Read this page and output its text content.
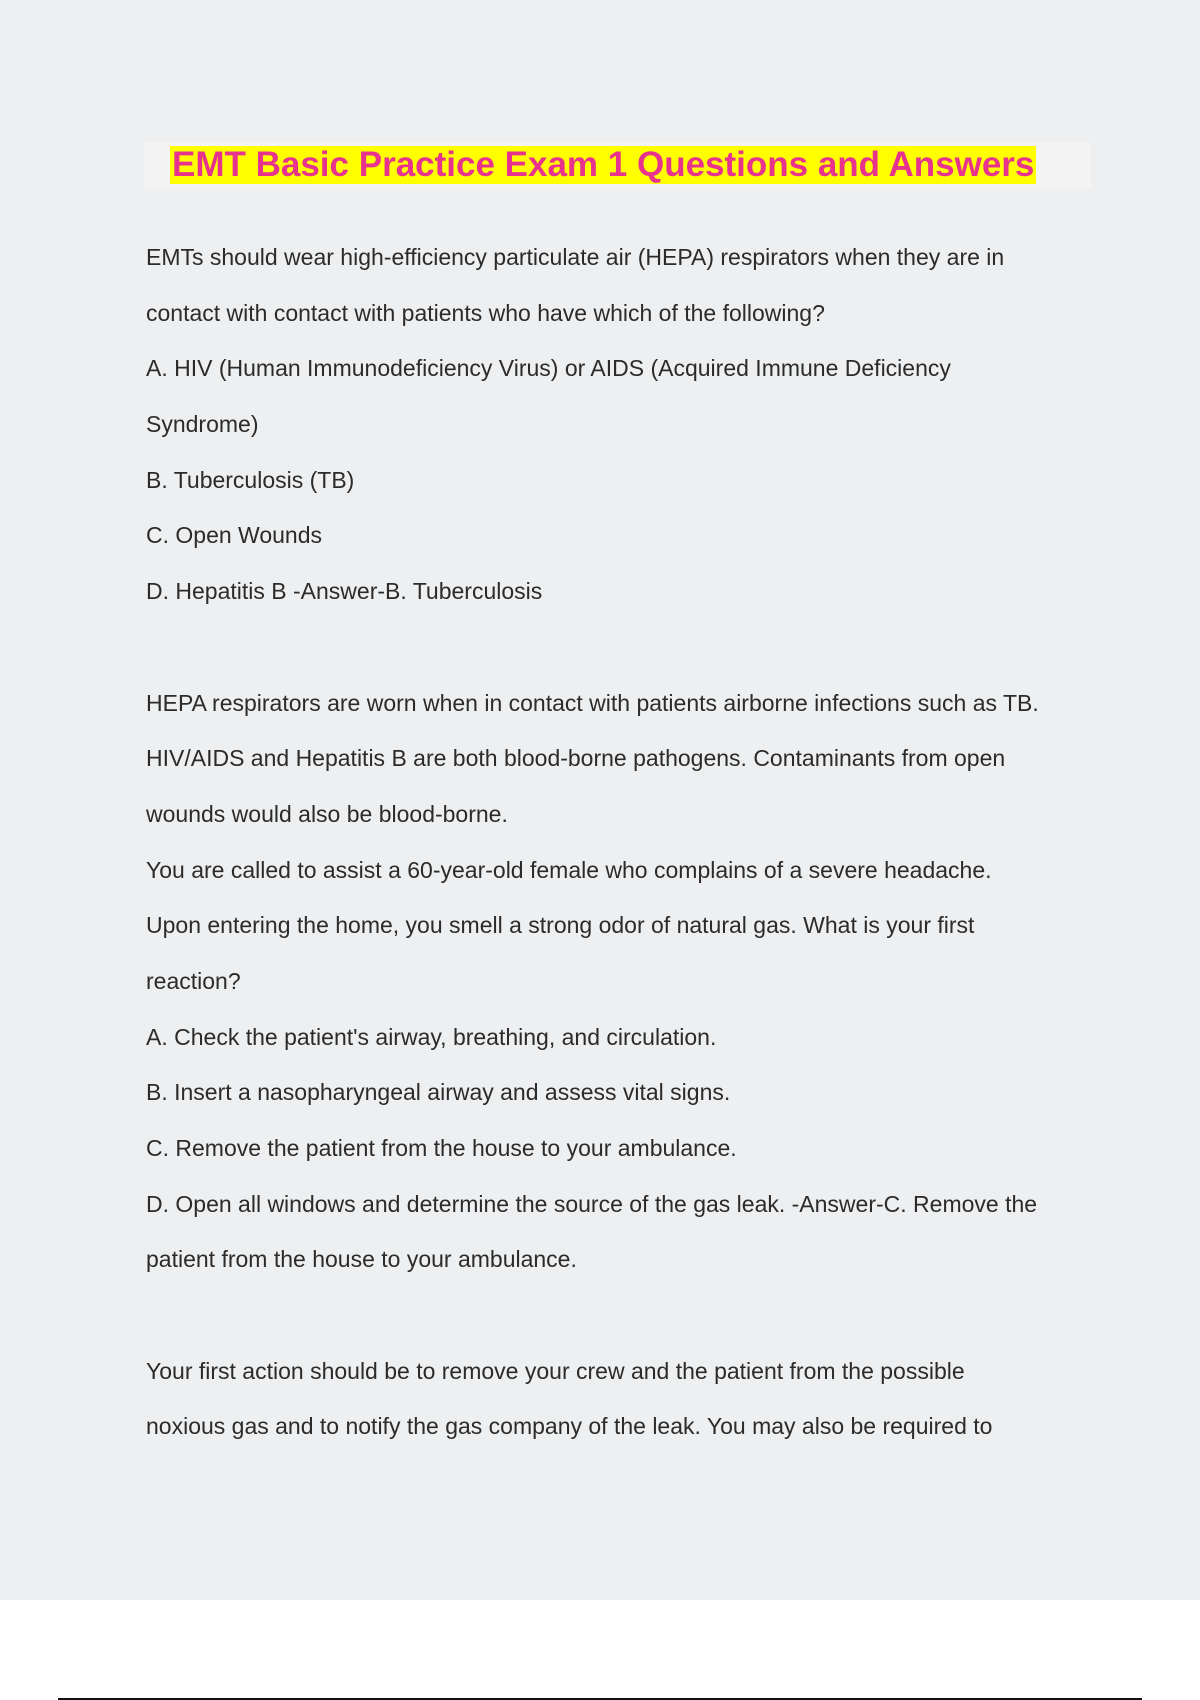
EMT Basic Practice Exam 1 Questions and Answers
EMTs should wear high-efficiency particulate air (HEPA) respirators when they are in
contact with contact with patients who have which of the following?
A. HIV (Human Immunodeficiency Virus) or AIDS (Acquired Immune Deficiency
Syndrome)
B. Tuberculosis (TB)
C. Open Wounds
D. Hepatitis B -Answer-B. Tuberculosis
HEPA respirators are worn when in contact with patients airborne infections such as TB.
HIV/AIDS and Hepatitis B are both blood-borne pathogens. Contaminants from open
wounds would also be blood-borne.
You are called to assist a 60-year-old female who complains of a severe headache.
Upon entering the home, you smell a strong odor of natural gas. What is your first
reaction?
A. Check the patient's airway, breathing, and circulation.
B. Insert a nasopharyngeal airway and assess vital signs.
C. Remove the patient from the house to your ambulance.
D. Open all windows and determine the source of the gas leak. -Answer-C. Remove the
patient from the house to your ambulance.
Your first action should be to remove your crew and the patient from the possible
noxious gas and to notify the gas company of the leak. You may also be required to
